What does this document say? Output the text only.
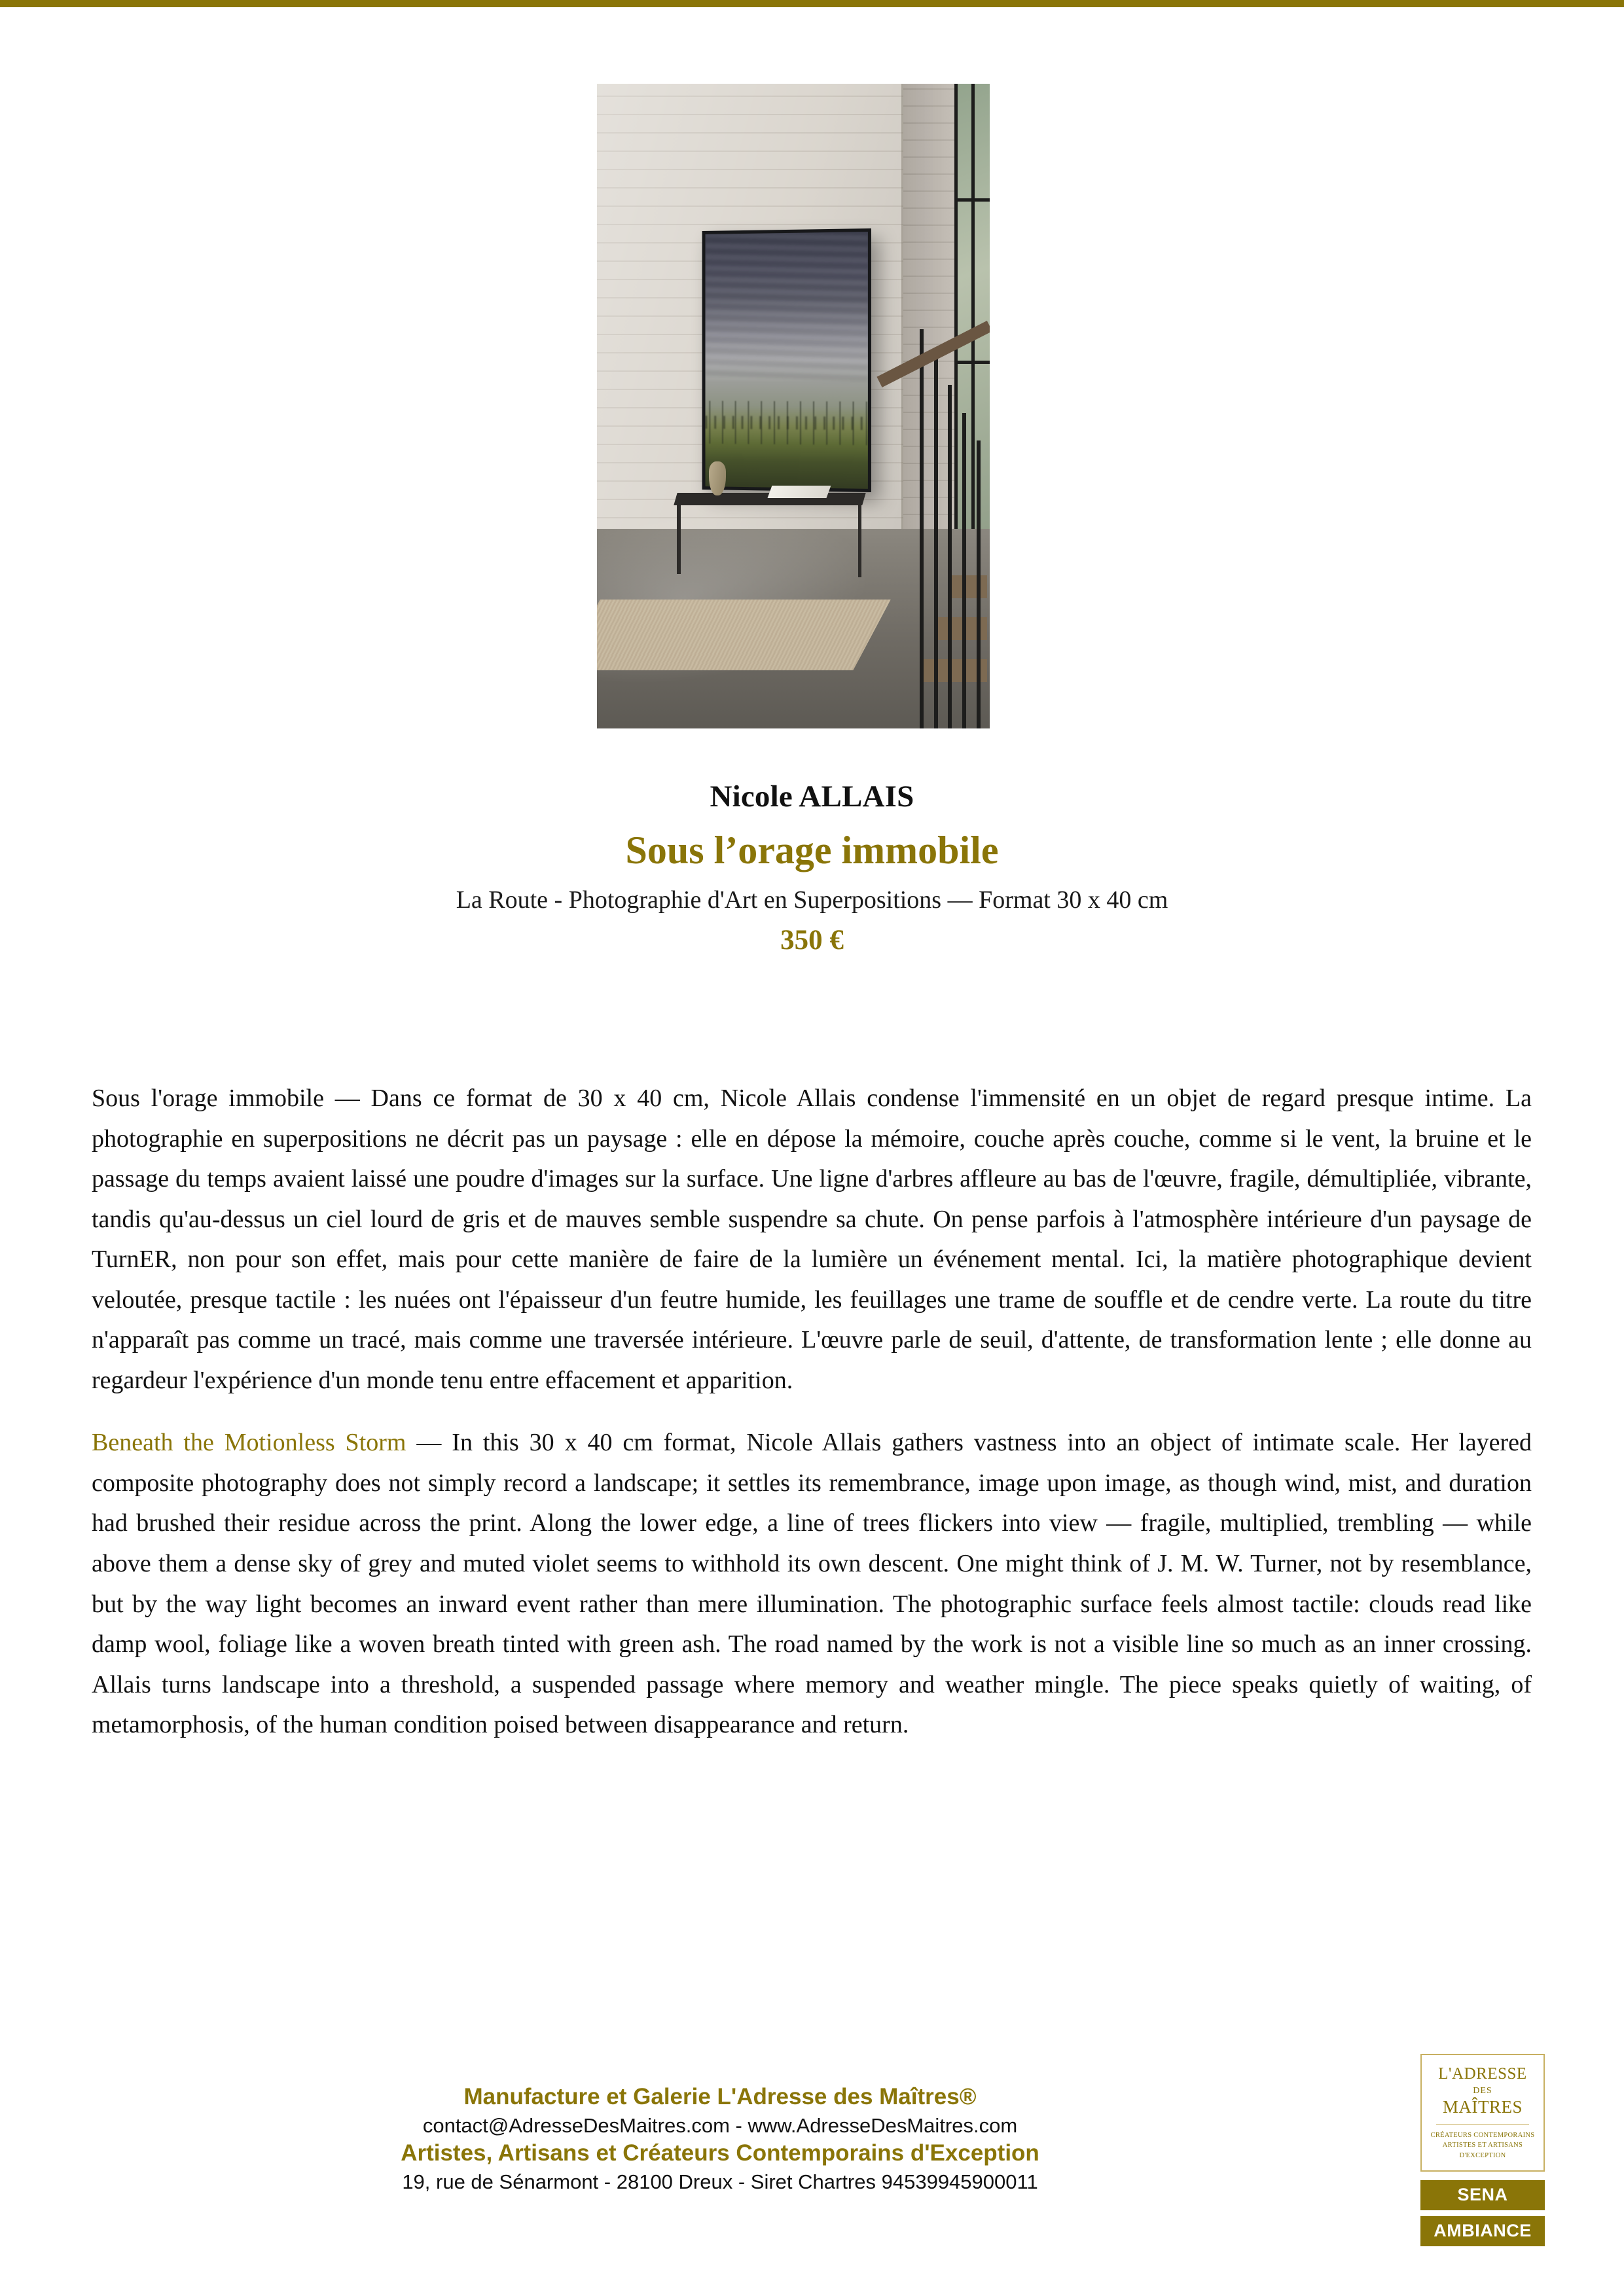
Nicole ALLAIS
Sous l’orage immobile
La Route - Photographie d'Art en Superpositions — Format 30 x 40 cm
350 €

Sous l'orage immobile — Dans ce format de 30 x 40 cm, Nicole Allais condense l'immensité en un objet de regard presque intime. La photographie en superpositions ne décrit pas un paysage : elle en dépose la mémoire, couche après couche, comme si le vent, la bruine et le passage du temps avaient laissé une poudre d'images sur la surface. Une ligne d'arbres affleure au bas de l'œuvre, fragile, démultipliée, vibrante, tandis qu'au-dessus un ciel lourd de gris et de mauves semble suspendre sa chute. On pense parfois à l'atmosphère intérieure d'un paysage de TurnER, non pour son effet, mais pour cette manière de faire de la lumière un événement mental. Ici, la matière photographique devient veloutée, presque tactile : les nuées ont l'épaisseur d'un feutre humide, les feuillages une trame de souffle et de cendre verte. La route du titre n'apparaît pas comme un tracé, mais comme une traversée intérieure. L'œuvre parle de seuil, d'attente, de transformation lente ; elle donne au regardeur l'expérience d'un monde tenu entre effacement et apparition.

Beneath the Motionless Storm — In this 30 x 40 cm format, Nicole Allais gathers vastness into an object of intimate scale. Her layered composite photography does not simply record a landscape; it settles its remembrance, image upon image, as though wind, mist, and duration had brushed their residue across the print. Along the lower edge, a line of trees flickers into view — fragile, multiplied, trembling — while above them a dense sky of grey and muted violet seems to withhold its own descent. One might think of J. M. W. Turner, not by resemblance, but by the way light becomes an inward event rather than mere illumination. The photographic surface feels almost tactile: clouds read like damp wool, foliage like a woven breath tinted with green ash. The road named by the work is not a visible line so much as an inner crossing. Allais turns landscape into a threshold, a suspended passage where memory and weather mingle. The piece speaks quietly of waiting, of metamorphosis, of the human condition poised between disappearance and return.

Manufacture et Galerie L'Adresse des Maîtres®
contact@AdresseDesMaitres.com - www.AdresseDesMaitres.com
Artistes, Artisans et Créateurs Contemporains d'Exception
19, rue de Sénarmont - 28100 Dreux - Siret Chartres 94539945900011
L'ADRESSE
DES
MAÎTRES
CRÉATEURS CONTEMPORAINS
ARTISTES ET ARTISANS
D'EXCEPTION
SENA
AMBIANCE
